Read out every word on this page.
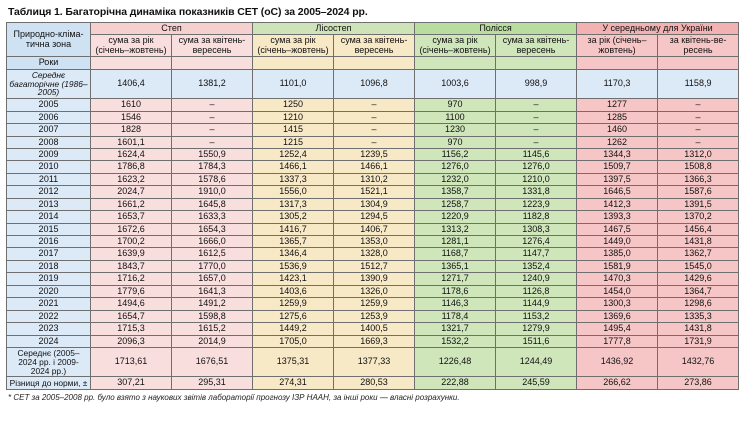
Таблиця 1. Багаторічна динаміка показників СЕТ (оС) за 2005–2024 рр.
Природно-кліма-тична зона	Степ		Лісостеп		Полісся		У середньому для України	
	сума за рік (січень–жовтень)	сума за квітень-вересень	сума за рік (січень–жовтень)	сума за квітень-вересень	сума за рік (січень–жовтень)	сума за квітень-вересень	за рік (січень–жовтень)	за квітень-ве-ресень
Роки								
Середнє багаторічне (1986–2005)	1406,4	1381,2	1101,0	1096,8	1003,6	998,9	1170,3	1158,9
2005	1610	–	1250	–	970	–	1277	–
2006	1546	–	1210	–	1100	–	1285	–
2007	1828	–	1415	–	1230	–	1460	–
2008	1601,1	–	1215	–	970	–	1262	–
2009	1624,4	1550,9	1252,4	1239,5	1156,2	1145,6	1344,3	1312,0
2010	1786,8	1784,3	1466,1	1466,1	1276,0	1276,0	1509,7	1508,8
2011	1623,2	1578,6	1337,3	1310,2	1232,0	1210,0	1397,5	1366,3
2012	2024,7	1910,0	1556,0	1521,1	1358,7	1331,8	1646,5	1587,6
2013	1661,2	1645,8	1317,3	1304,9	1258,7	1223,9	1412,3	1391,5
2014	1653,7	1633,3	1305,2	1294,5	1220,9	1182,8	1393,3	1370,2
2015	1672,6	1654,3	1416,7	1406,7	1313,2	1308,3	1467,5	1456,4
2016	1700,2	1666,0	1365,7	1353,0	1281,1	1276,4	1449,0	1431,8
2017	1639,9	1612,5	1346,4	1328,0	1168,7	1147,7	1385,0	1362,7
2018	1843,7	1770,0	1536,9	1512,7	1365,1	1352,4	1581,9	1545,0
2019	1716,2	1657,0	1423,1	1390,9	1271,7	1240,9	1470,3	1429,6
2020	1779,6	1641,3	1403,6	1326,0	1178,6	1126,8	1454,0	1364,7
2021	1494,6	1491,2	1259,9	1259,9	1146,3	1144,9	1300,3	1298,6
2022	1654,7	1598,8	1275,6	1253,9	1178,4	1153,2	1369,6	1335,3
2023	1715,3	1615,2	1449,2	1400,5	1321,7	1279,9	1495,4	1431,8
2024	2096,3	2014,9	1705,0	1669,3	1532,2	1511,6	1777,8	1731,9
Середнє (2005–2024 рр. і 2009-2024 рр.)	1713,61	1676,51	1375,31	1377,33	1226,48	1244,49	1436,92	1432,76
Різниця до норми, ±	307,21	295,31	274,31	280,53	222,88	245,59	266,62	273,86
* СЕТ за 2005–2008 рр. було взято з наукових звітів лабораторії прогнозу ІЗР НААН, за інші роки — власні розрахунки.
